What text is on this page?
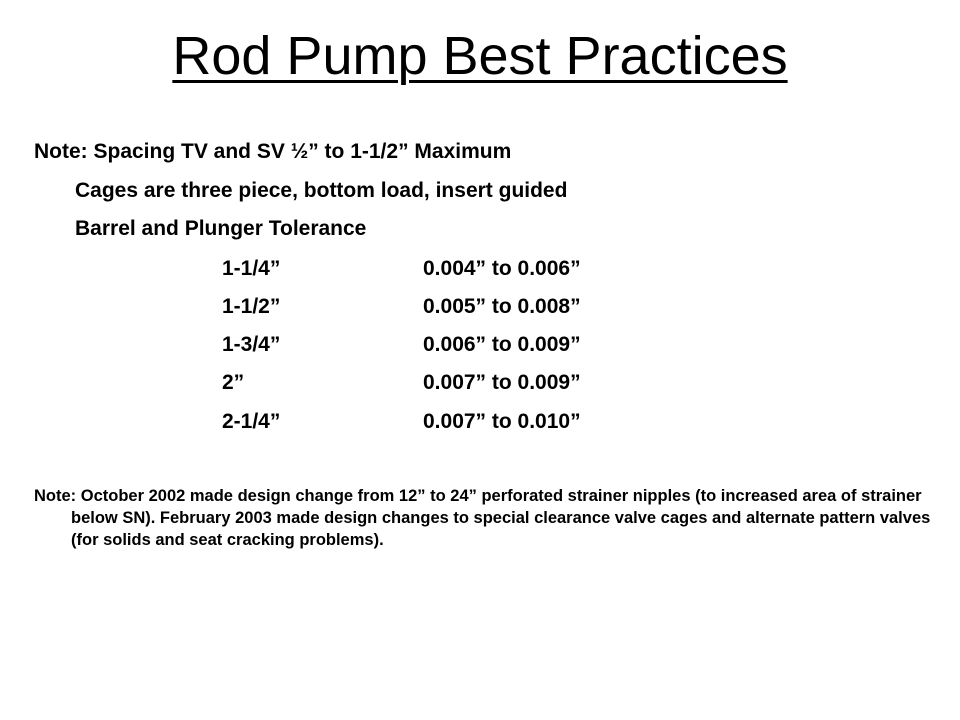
Rod Pump Best Practices

Note: Spacing TV and SV ½” to 1-1/2” Maximum

Cages are three piece, bottom load, insert guided

Barrel and Plunger Tolerance

1-1/4”	0.004” to 0.006”
1-1/2”	0.005” to 0.008”
1-3/4”	0.006” to 0.009”
2”	0.007” to 0.009”
2-1/4”	0.007” to 0.010”

Note: October 2002 made design change from 12” to 24” perforated strainer nipples (to increased area of strainer below SN). February 2003 made design changes to special clearance valve cages and alternate pattern valves (for solids and seat cracking problems).
